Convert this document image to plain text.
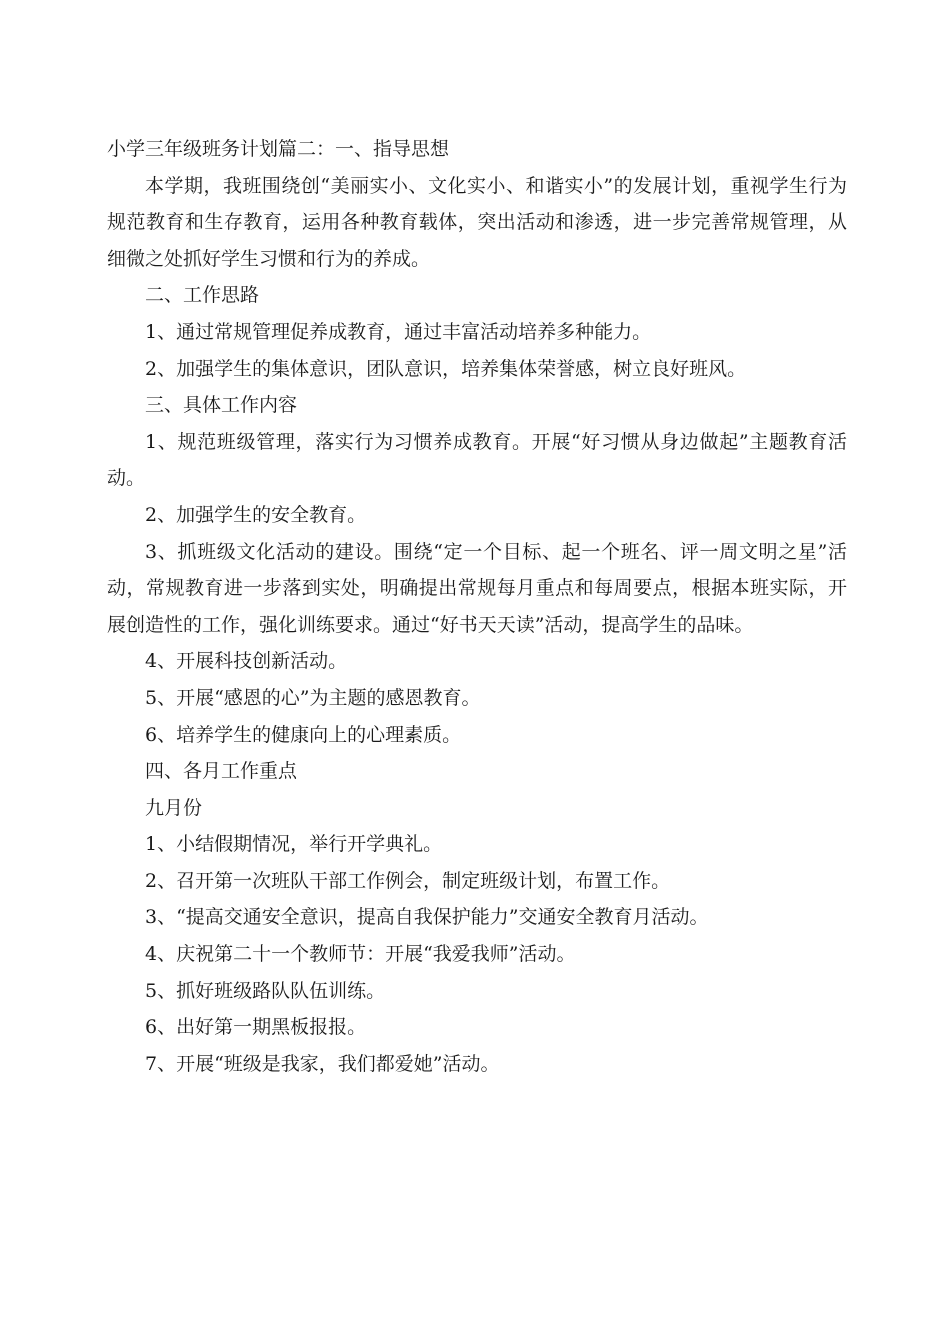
小学三年级班务计划篇二：一、指导思想

本学期，我班围绕创“美丽实小、文化实小、和谐实小”的发展计划，重视学生行为规范教育和生存教育，运用各种教育载体，突出活动和渗透，进一步完善常规管理，从细微之处抓好学生习惯和行为的养成。

二、工作思路

1、通过常规管理促养成教育，通过丰富活动培养多种能力。

2、加强学生的集体意识，团队意识，培养集体荣誉感，树立良好班风。

三、具体工作内容

1、规范班级管理，落实行为习惯养成教育。开展“好习惯从身边做起”主题教育活动。

2、加强学生的安全教育。

3、抓班级文化活动的建设。围绕“定一个目标、起一个班名、评一周文明之星”活动，常规教育进一步落到实处，明确提出常规每月重点和每周要点，根据本班实际，开展创造性的工作，强化训练要求。通过“好书天天读”活动，提高学生的品味。

4、开展科技创新活动。

5、开展“感恩的心”为主题的感恩教育。

6、培养学生的健康向上的心理素质。

四、各月工作重点

九月份

1、小结假期情况，举行开学典礼。

2、召开第一次班队干部工作例会，制定班级计划，布置工作。

3、“提高交通安全意识，提高自我保护能力”交通安全教育月活动。

4、庆祝第二十一个教师节：开展“我爱我师”活动。

5、抓好班级路队队伍训练。

6、出好第一期黑板报报。

7、开展“班级是我家，我们都爱她”活动。
